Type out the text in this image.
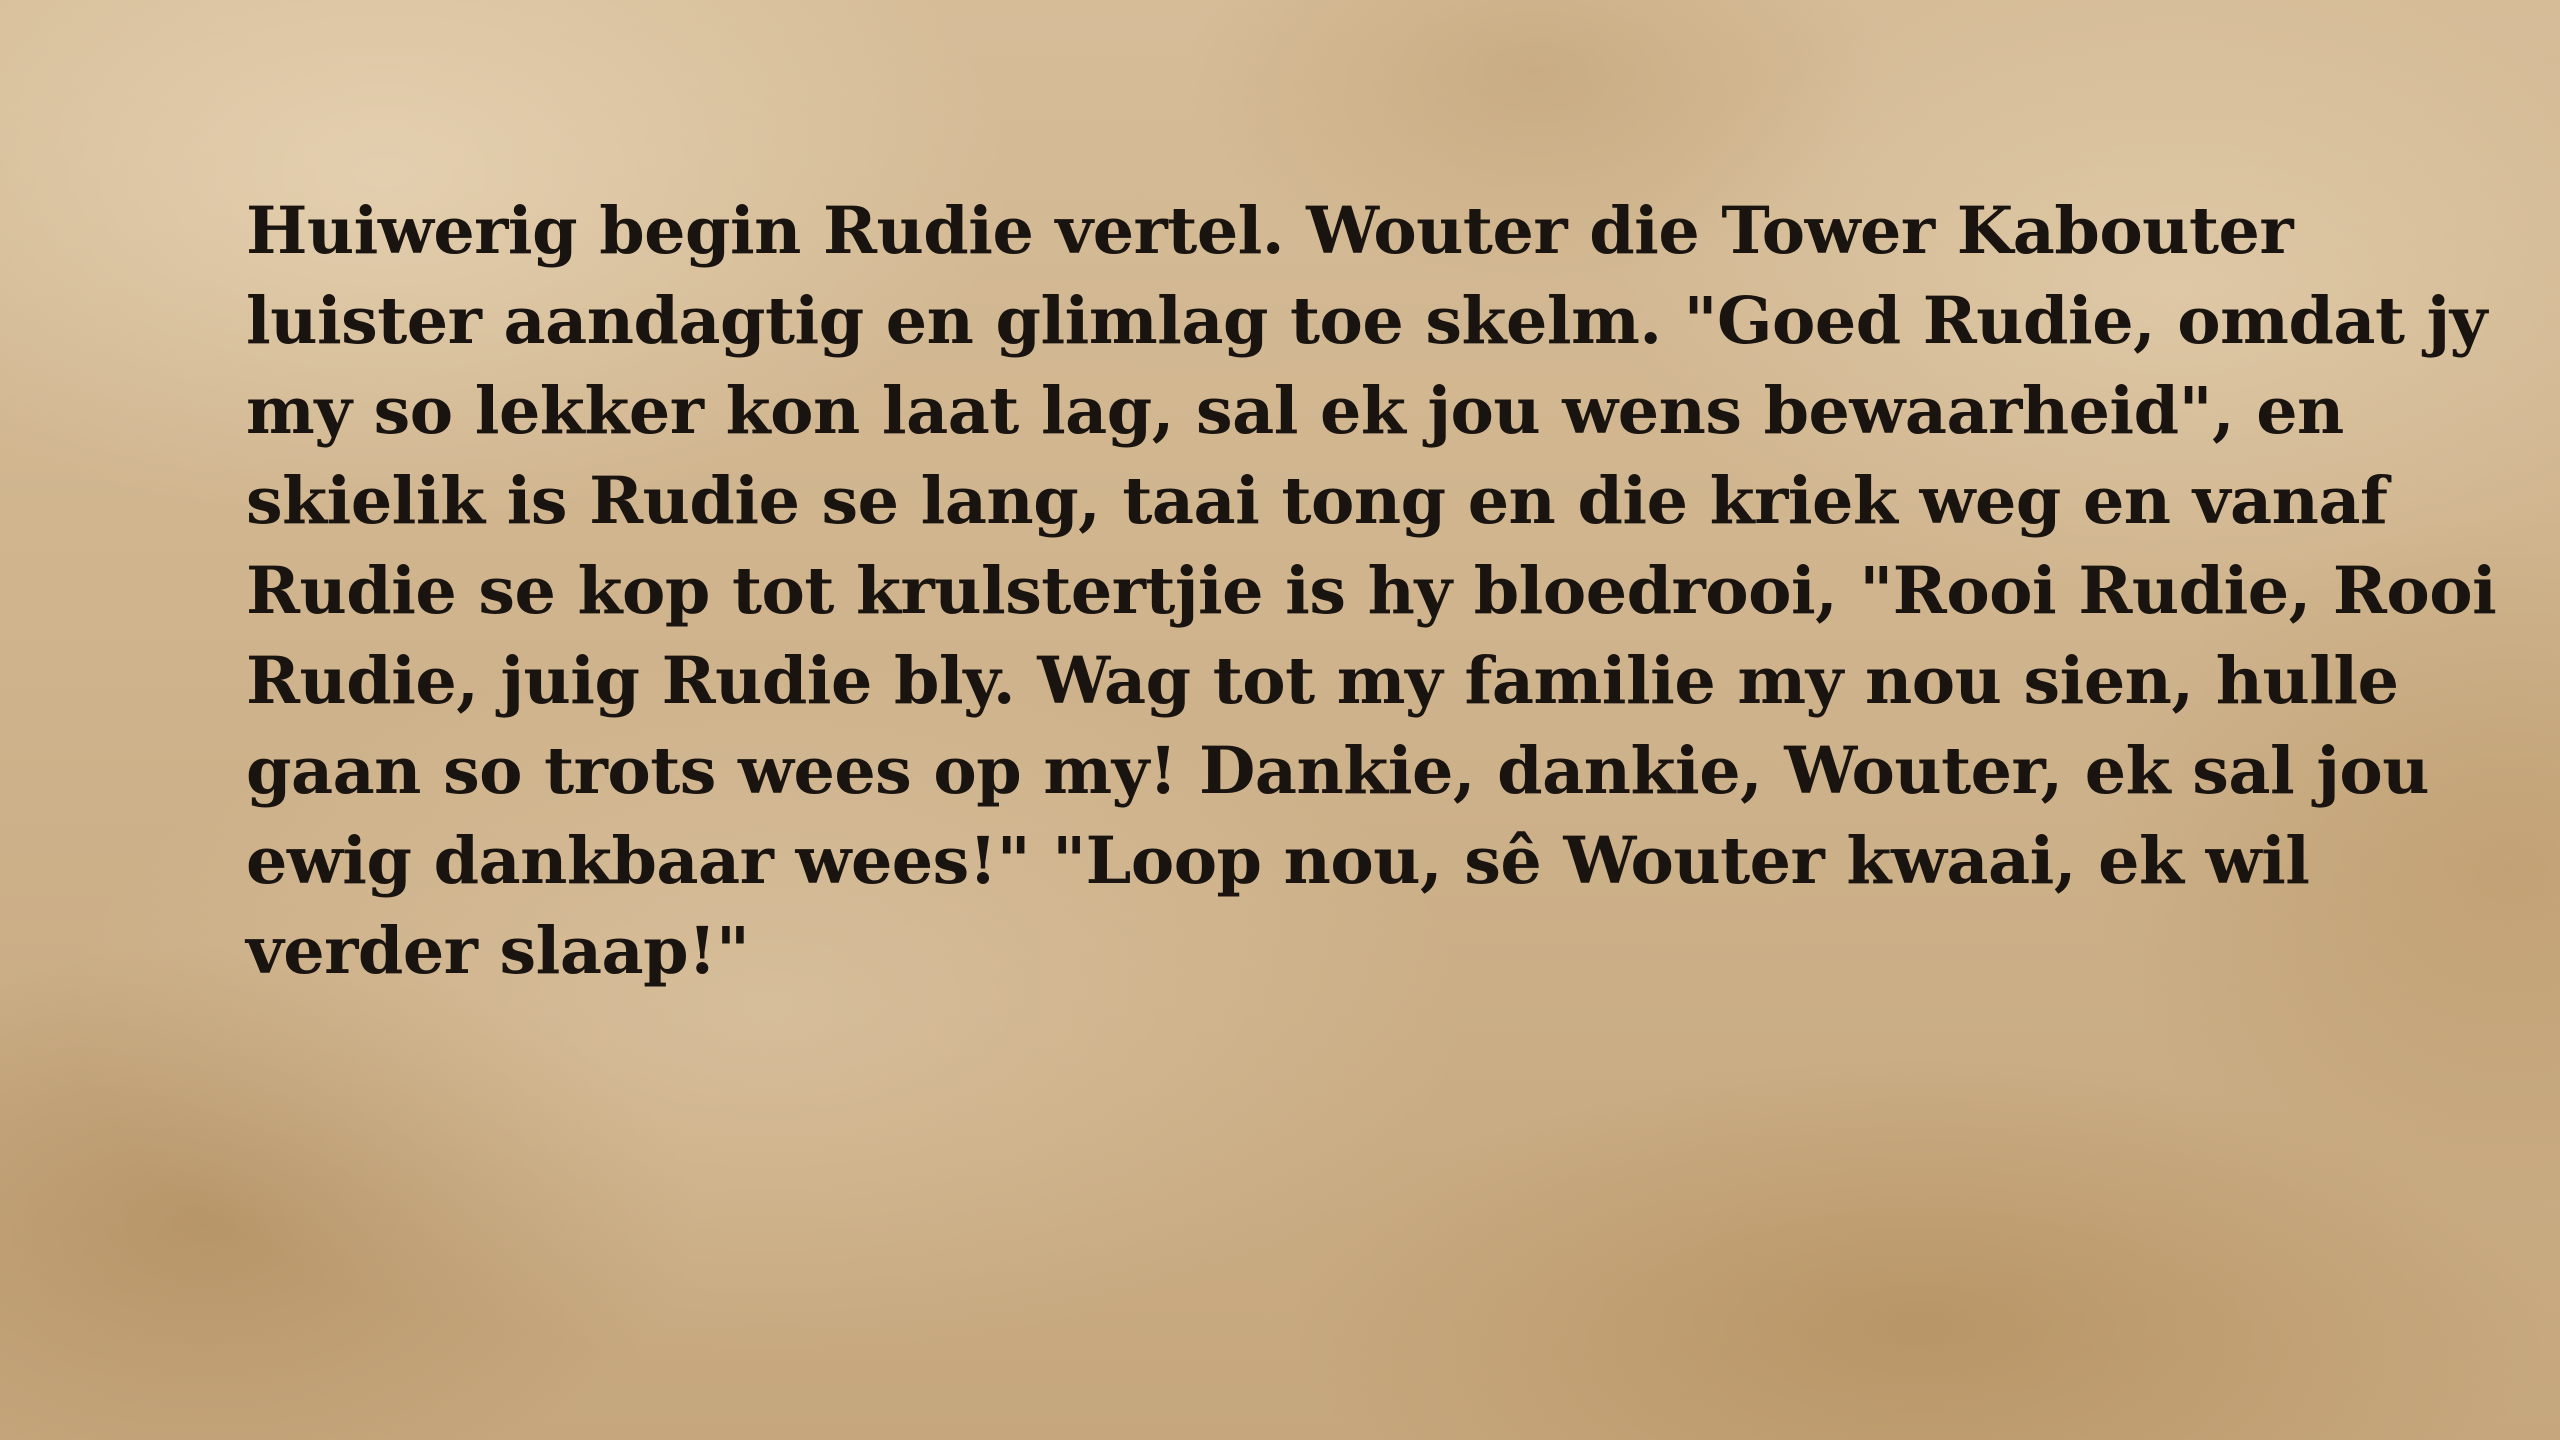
Huiwerig begin Rudie vertel. Wouter die Tower Kabouter
luister aandagtig en glimlag toe skelm. "Goed Rudie, omdat jy
my so lekker kon laat lag, sal ek jou wens bewaarheid", en
skielik is Rudie se lang, taai tong en die kriek weg en vanaf
Rudie se kop tot krulstertjie is hy bloedrooi, "Rooi Rudie, Rooi
Rudie, juig Rudie bly. Wag tot my familie my nou sien, hulle
gaan so trots wees op my! Dankie, dankie, Wouter, ek sal jou
ewig dankbaar wees!" "Loop nou, sê Wouter kwaai, ek wil
verder slaap!"
